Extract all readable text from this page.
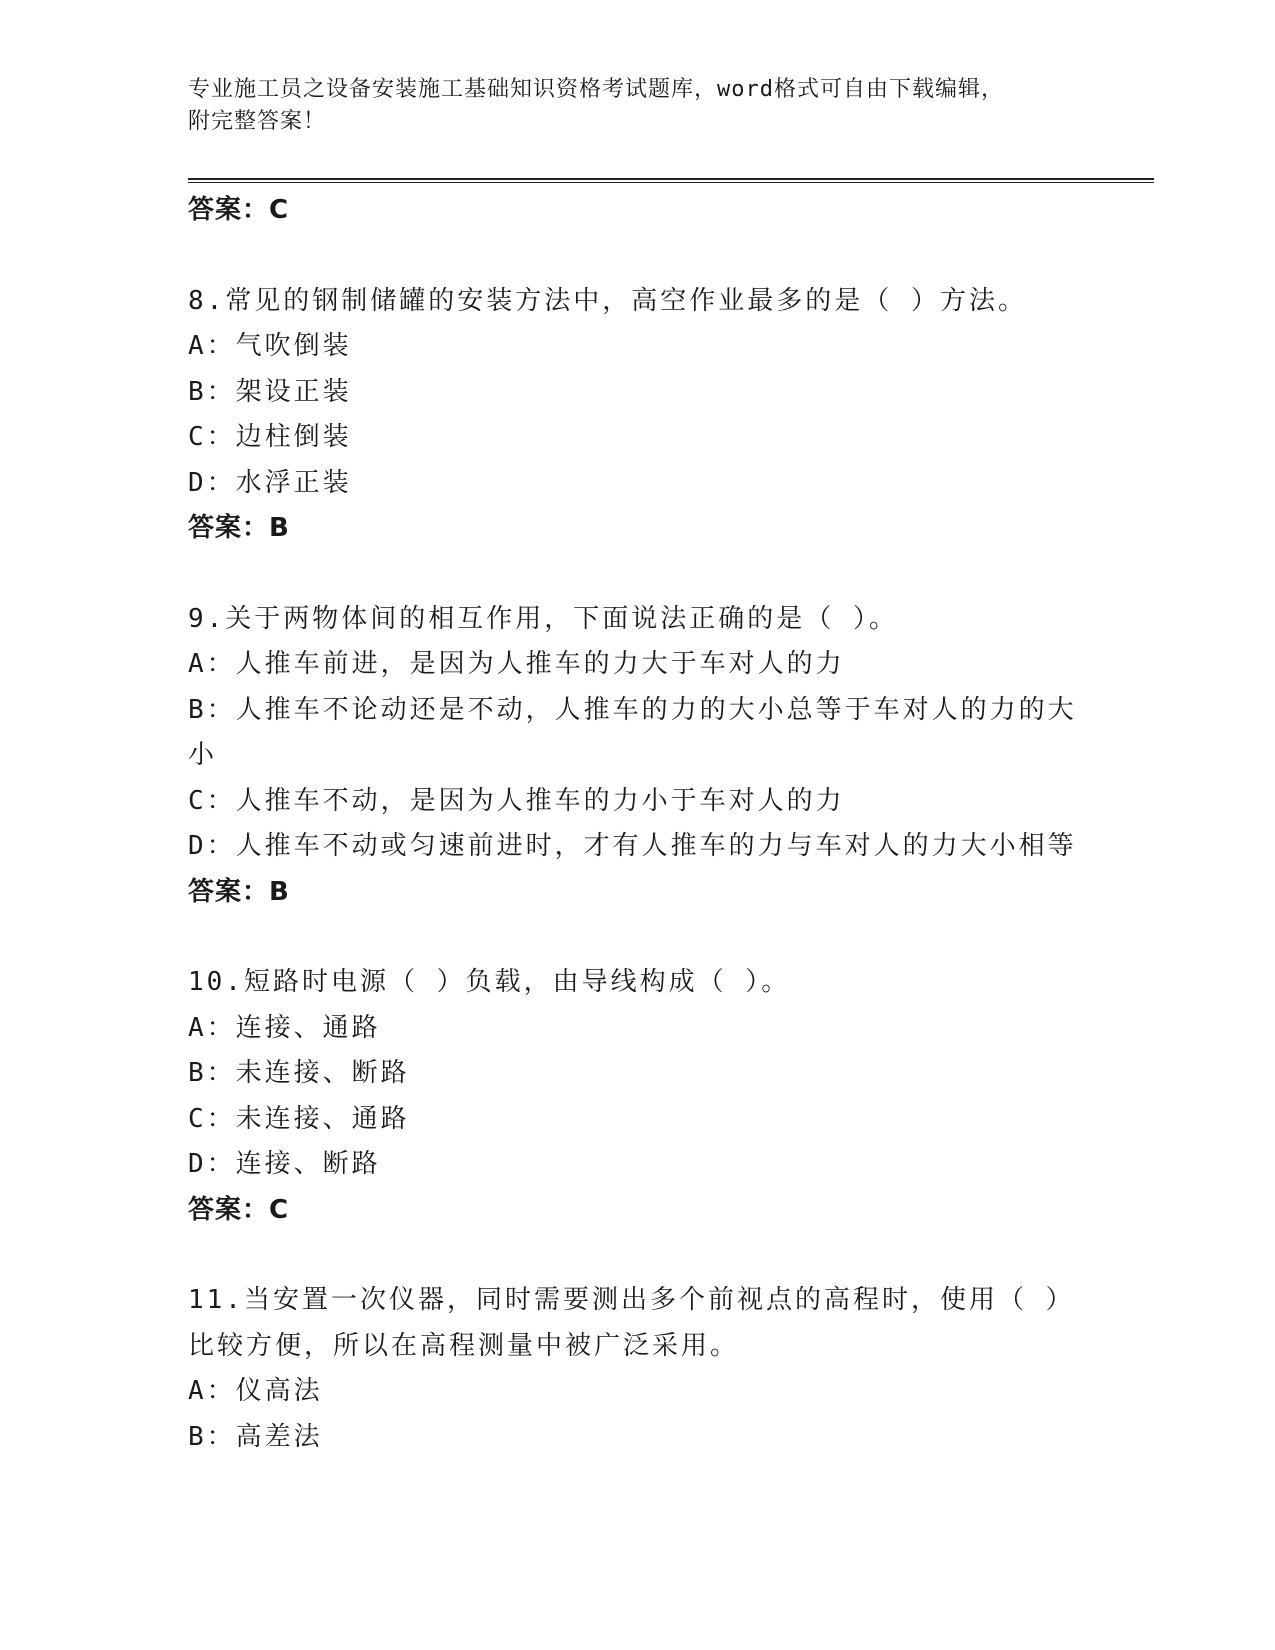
专业施工员之设备安装施工基础知识资格考试题库，word格式可自由下载编辑，
附完整答案！
答案：C
8.常见的钢制储罐的安装方法中，高空作业最多的是（ ）方法。
A：气吹倒装
B：架设正装
C：边柱倒装
D：水浮正装
答案：B
9.关于两物体间的相互作用，下面说法正确的是（ ）。
A：人推车前进，是因为人推车的力大于车对人的力
B：人推车不论动还是不动，人推车的力的大小总等于车对人的力的大
小
C：人推车不动，是因为人推车的力小于车对人的力
D：人推车不动或匀速前进时，才有人推车的力与车对人的力大小相等
答案：B
10.短路时电源（ ）负载，由导线构成（ ）。
A：连接、通路
B：未连接、断路
C：未连接、通路
D：连接、断路
答案：C
11.当安置一次仪器，同时需要测出多个前视点的高程时，使用（ ）
比较方便，所以在高程测量中被广泛采用。
A：仪高法
B：高差法
